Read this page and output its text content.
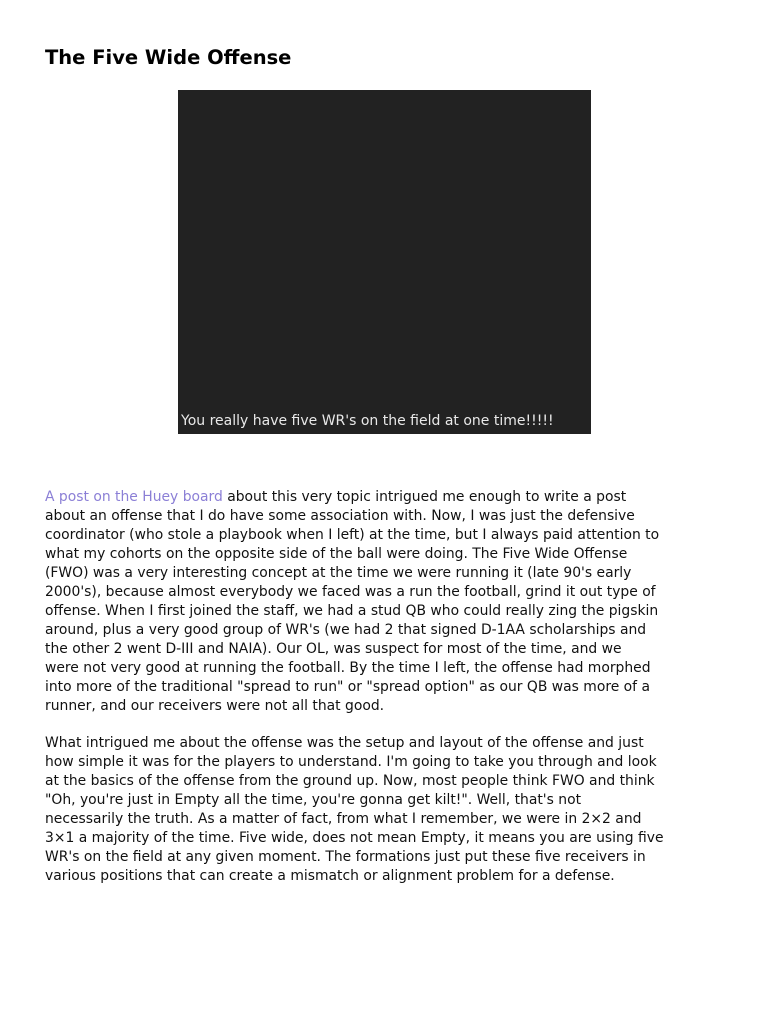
The Five Wide Offense
You really have five WR's on the field at one time!!!!!

A post on the Huey board about this very topic intrigued me enough to write a post
about an offense that I do have some association with. Now, I was just the defensive
coordinator (who stole a playbook when I left) at the time, but I always paid attention to
what my cohorts on the opposite side of the ball were doing. The Five Wide Offense
(FWO) was a very interesting concept at the time we were running it (late 90's early
2000's), because almost everybody we faced was a run the football, grind it out type of
offense. When I first joined the staff, we had a stud QB who could really zing the pigskin
around, plus a very good group of WR's (we had 2 that signed D-1AA scholarships and
the other 2 went D-III and NAIA). Our OL, was suspect for most of the time, and we
were not very good at running the football. By the time I left, the offense had morphed
into more of the traditional "spread to run" or "spread option" as our QB was more of a
runner, and our receivers were not all that good.

What intrigued me about the offense was the setup and layout of the offense and just
how simple it was for the players to understand. I'm going to take you through and look
at the basics of the offense from the ground up. Now, most people think FWO and think
"Oh, you're just in Empty all the time, you're gonna get kilt!". Well, that's not
necessarily the truth. As a matter of fact, from what I remember, we were in 2×2 and
3×1 a majority of the time. Five wide, does not mean Empty, it means you are using five
WR's on the field at any given moment. The formations just put these five receivers in
various positions that can create a mismatch or alignment problem for a defense.
